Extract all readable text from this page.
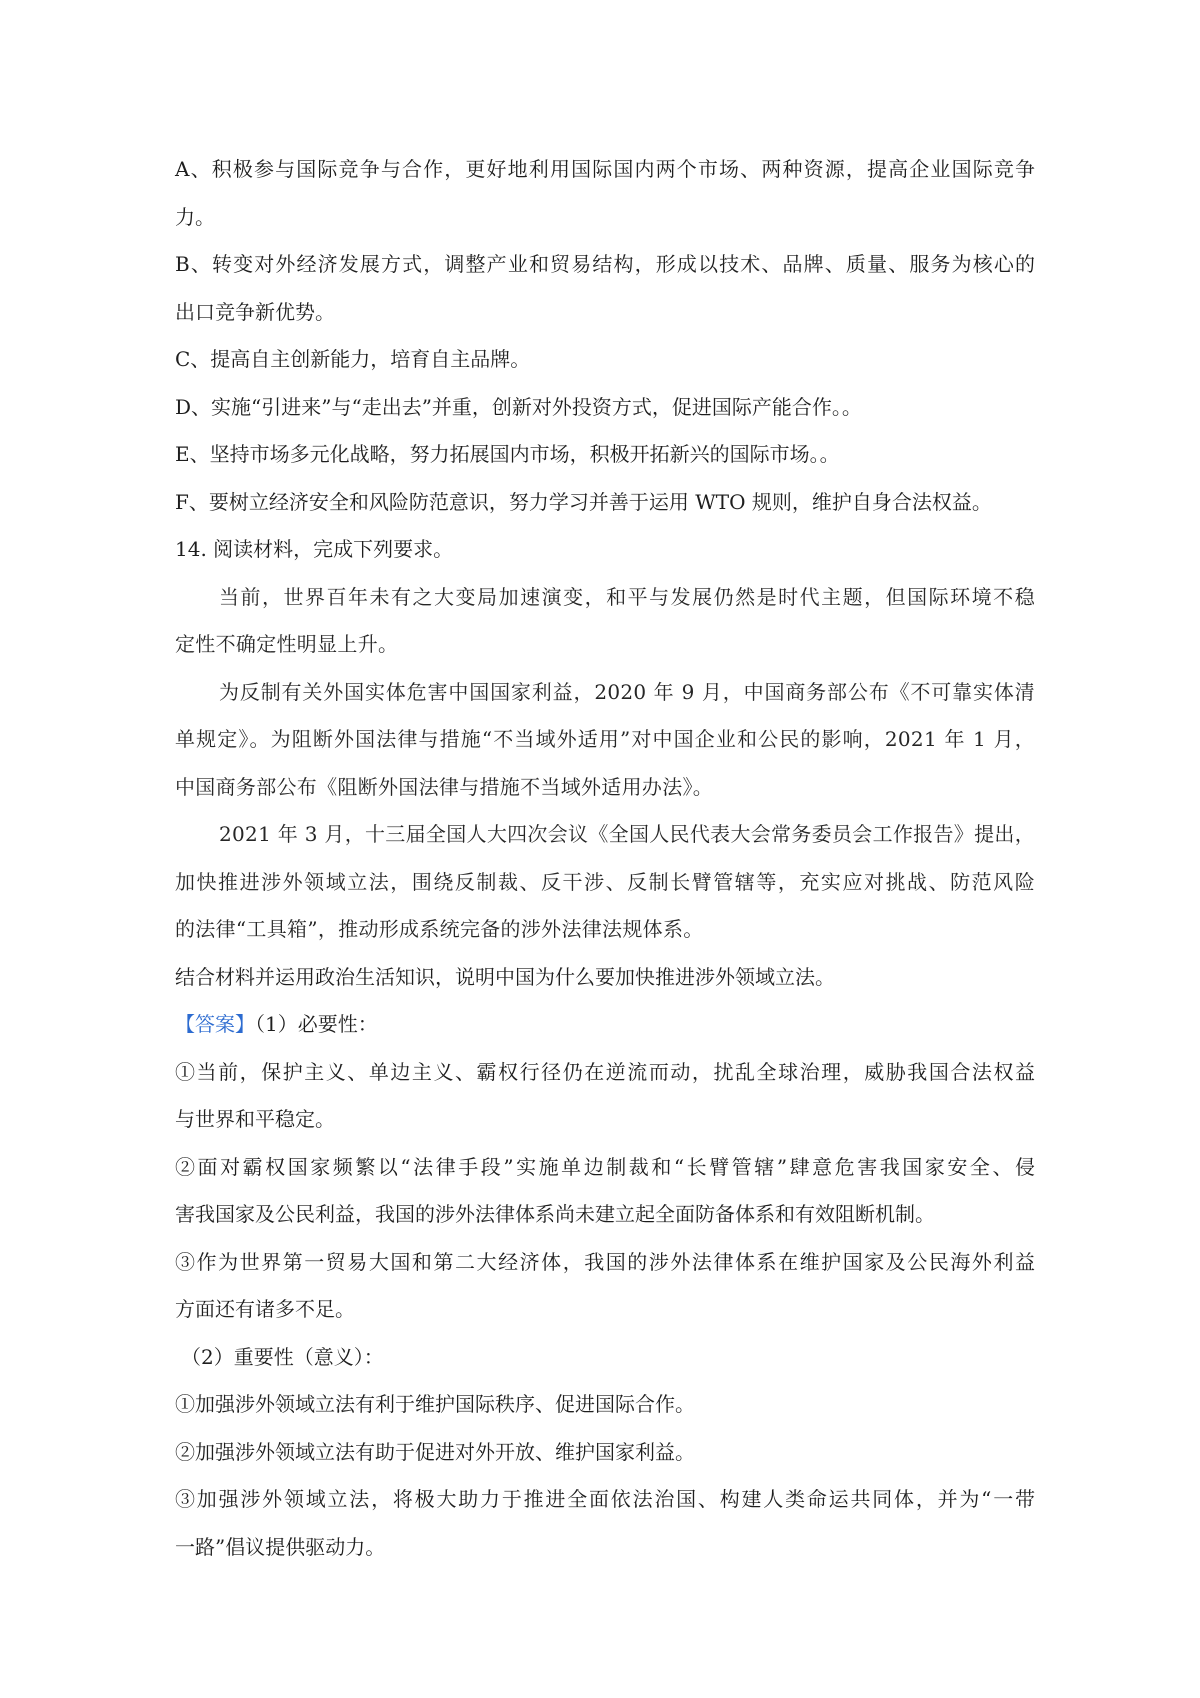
A、积极参与国际竞争与合作，更好地利用国际国内两个市场、两种资源，提高企业国际竞争
力。
B、转变对外经济发展方式，调整产业和贸易结构，形成以技术、品牌、质量、服务为核心的
出口竞争新优势。
C、提高自主创新能力，培育自主品牌。
D、实施“引进来”与“走出去”并重，创新对外投资方式，促进国际产能合作。。
E、坚持市场多元化战略，努力拓展国内市场，积极开拓新兴的国际市场。。
F、要树立经济安全和风险防范意识，努力学习并善于运用 WTO 规则，维护自身合法权益。
14. 阅读材料，完成下列要求。
当前，世界百年未有之大变局加速演变，和平与发展仍然是时代主题，但国际环境不稳
定性不确定性明显上升。
为反制有关外国实体危害中国国家利益，2020 年 9 月，中国商务部公布《不可靠实体清
单规定》。为阻断外国法律与措施“不当域外适用”对中国企业和公民的影响，2021 年 1 月，
中国商务部公布《阻断外国法律与措施不当域外适用办法》。
2021 年 3 月，十三届全国人大四次会议《全国人民代表大会常务委员会工作报告》提出，
加快推进涉外领域立法，围绕反制裁、反干涉、反制长臂管辖等，充实应对挑战、防范风险
的法律“工具箱”，推动形成系统完备的涉外法律法规体系。
结合材料并运用政治生活知识，说明中国为什么要加快推进涉外领域立法。
【答案】（1）必要性：
①当前，保护主义、单边主义、霸权行径仍在逆流而动，扰乱全球治理，威胁我国合法权益
与世界和平稳定。
②面对霸权国家频繁以“法律手段”实施单边制裁和“长臂管辖”肆意危害我国家安全、侵
害我国家及公民利益，我国的涉外法律体系尚未建立起全面防备体系和有效阻断机制。
③作为世界第一贸易大国和第二大经济体，我国的涉外法律体系在维护国家及公民海外利益
方面还有诸多不足。
（2）重要性（意义）：
①加强涉外领域立法有利于维护国际秩序、促进国际合作。
②加强涉外领域立法有助于促进对外开放、维护国家利益。
③加强涉外领域立法，将极大助力于推进全面依法治国、构建人类命运共同体，并为“一带
一路”倡议提供驱动力。
